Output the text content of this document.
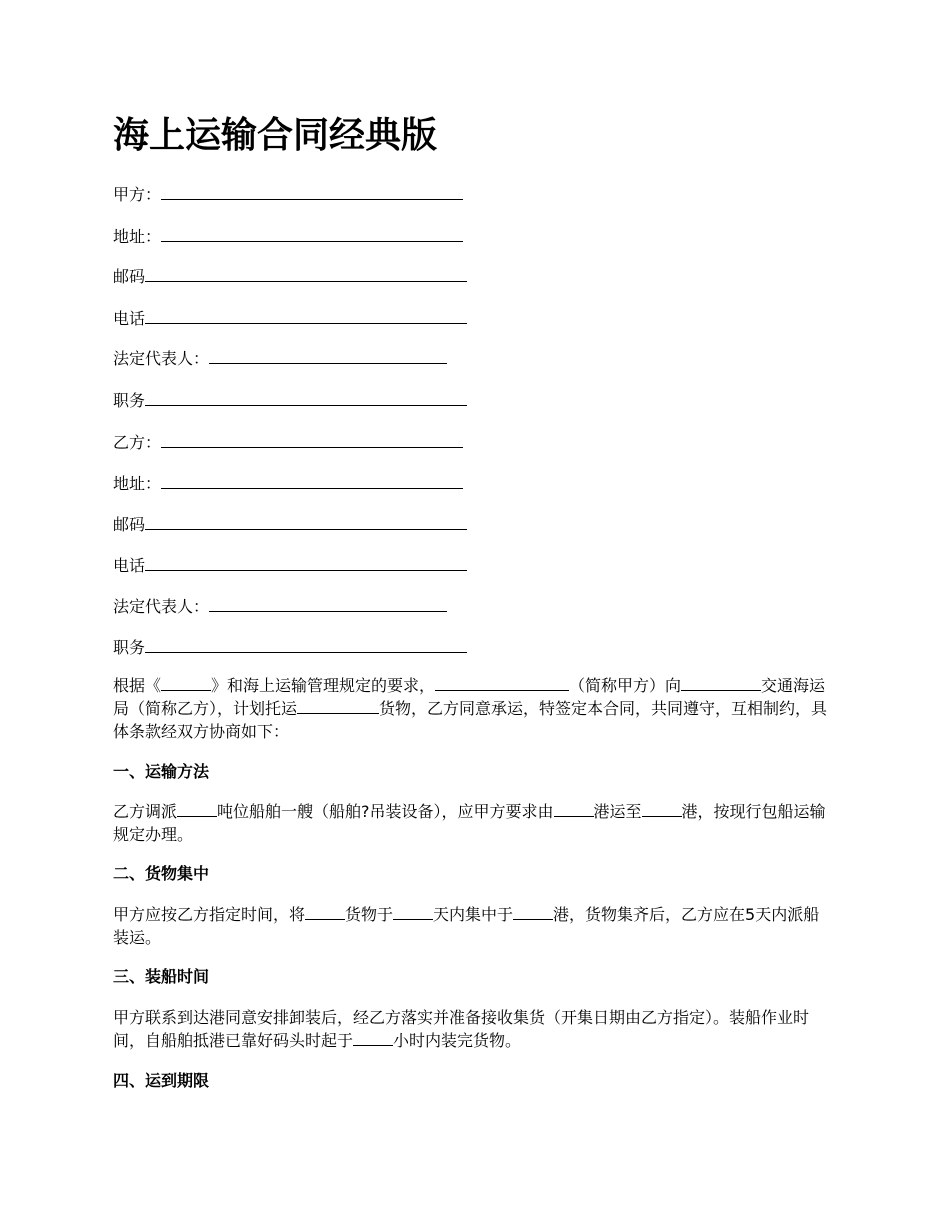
海上运输合同经典版
甲方：
地址：
邮码
电话
法定代表人：
职务
乙方：
地址：
邮码
电话
法定代表人：
职务

根据《	》和海上运输管理规定的要求，	（简称甲方）向	交通海运局（简称乙方），计划托运	货物，乙方同意承运，特签定本合同，共同遵守，互相制约，具体条款经双方协商如下：

一、运输方法

乙方调派	吨位船舶一艘（船舶?吊装设备），应甲方要求由	港运至	港，按现行包船运输规定办理。

二、货物集中

甲方应按乙方指定时间，将	货物于	天内集中于	港，货物集齐后，乙方应在5天内派船装运。

三、装船时间

甲方联系到达港同意安排卸装后，经乙方落实并准备接收集货（开集日期由乙方指定）。装船作业时间，自船舶抵港已靠好码头时起于	小时内装完货物。

四、运到期限
